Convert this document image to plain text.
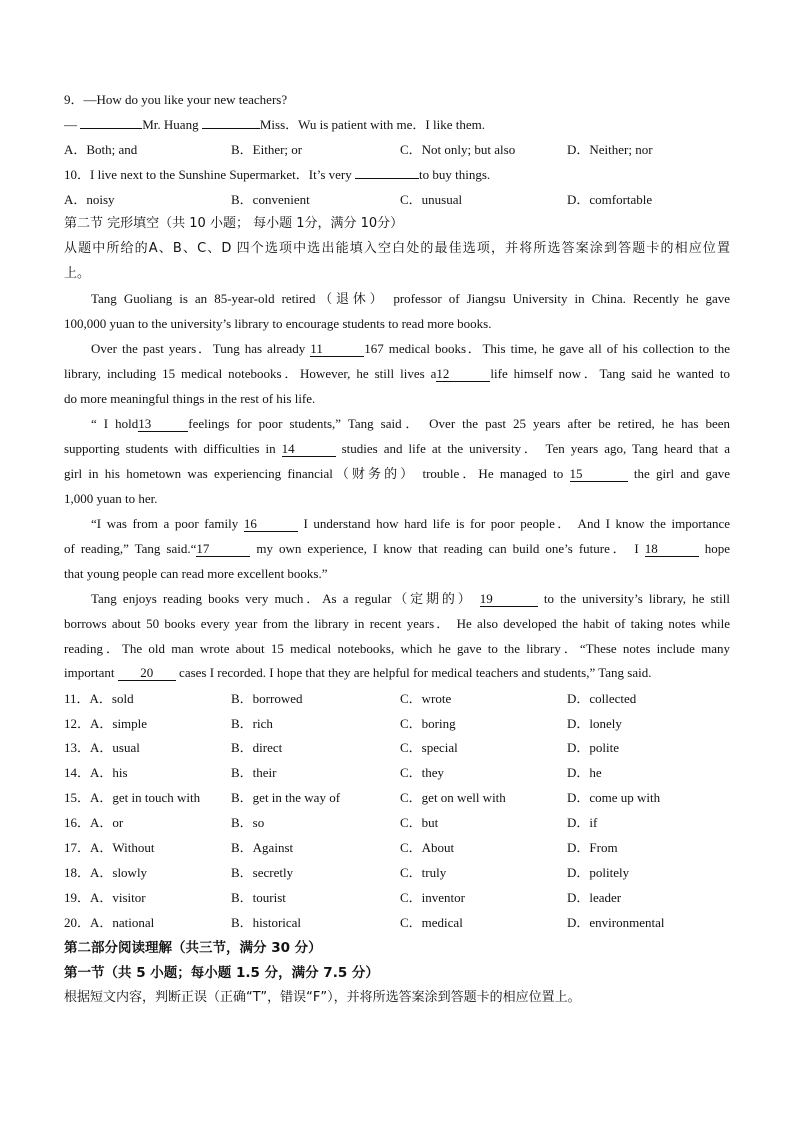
9．—How do you like your new teachers?
—	Mr. Huang	Miss．Wu is patient with me．I like them.
A．Both; and	B．Either; or	C．Not only; but also	D．Neither; nor
10．I live next to the Sunshine Supermarket．It’s very	to buy things.
A．noisy	B．convenient	C．unusual	D．comfortable
第二节 完形填空（共 10 小题； 每小题 1分，满分 10分）
从题中所给的A、B、C、D 四个选项中选出能填入空白处的最佳选项，并将所选答案涂到答题卡的相应位置
上。
Tang Guoliang is an 85-year-old retired（退休） professor of Jiangsu University in China. Recently he gave
100,000 yuan to the university’s library to encourage students to read more books.
Over the past years．Tung has already 11	167 medical books．This time, he gave all of his collection to the
library, including 15 medical notebooks．However, he still lives a12	life himself now．Tang said he wanted to
do more meaningful things in the rest of his life.
“ I hold13	feelings for poor students,” Tang said． Over the past 25 years after be retired, he has been
supporting students with difficulties in 14	studies and life at the university． Ten years ago, Tang heard that a
girl in his hometown was experiencing financial（财务的） trouble．He managed to 15	the girl and gave
1,000 yuan to her.
“I was from a poor family 16	I understand how hard life is for poor people． And I know the importance
of reading,” Tang said.“17	my own experience, I know that reading can build one’s future． I 18	hope
that young people can read more excellent books.”
Tang enjoys reading books very much．As a regular（定期的） 19	to the university’s library, he still
borrows about 50 books every year from the library in recent years． He also developed the habit of taking notes while
reading．The old man wrote about 15 medical notebooks, which he gave to the library．“These notes include many
important 20 cases I recorded. I hope that they are helpful for medical teachers and students,” Tang said.
11．A．sold	B．borrowed	C．wrote	D．collected
12．A．simple	B．rich	C．boring	D．lonely
13．A．usual	B．direct	C．special	D．polite
14．A．his	B．their	C．they	D．he
15．A．get in touch with B．get in the way of	C．get on well with	D．come up with
16．A．or	B．so	C．but	D．if
17．A．Without	B．Against	C．About	D．From
18．A．slowly	B．secretly	C．truly	D．politely
19．A．visitor	B．tourist	C．inventor	D．leader
20．A．national	B．historical	C．medical	D．environmental
第二部分阅读理解（共三节，满分 30 分）
第一节（共 5 小题；每小题 1.5 分，满分 7.5 分）
根据短文内容，判断正误（正确“T”，错误“F”），并将所选答案涂到答题卡的相应位置上。
